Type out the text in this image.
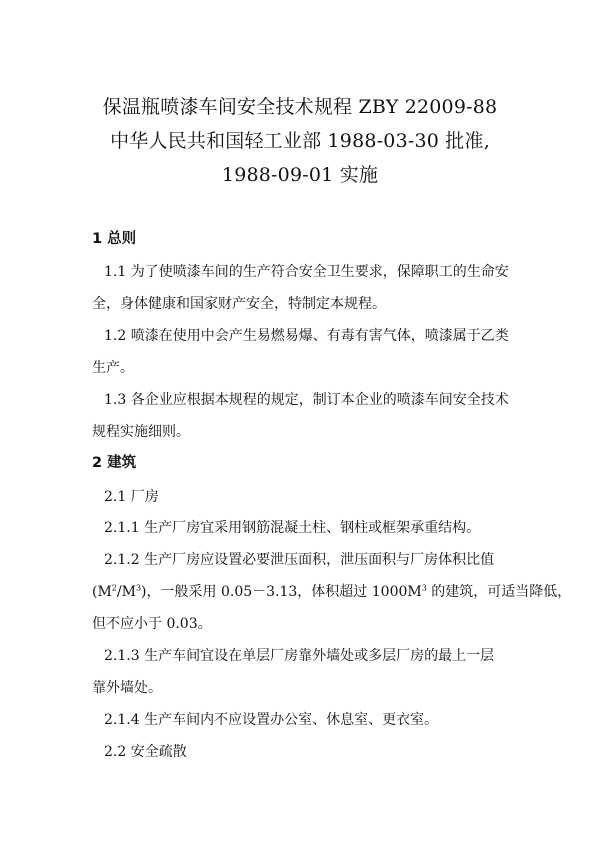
保温瓶喷漆车间安全技术规程 ZBY 22009-88
中华人民共和国轻工业部 1988-03-30 批准,
1988-09-01 实施
1 总则
1.1 为了使喷漆车间的生产符合安全卫生要求，保障职工的生命安
全，身体健康和国家财产安全，特制定本规程。
1.2 喷漆在使用中会产生易燃易爆、有毒有害气体，喷漆属于乙类
生产。
1.3 各企业应根据本规程的规定，制订本企业的喷漆车间安全技术
规程实施细则。
2 建筑
2.1 厂房
2.1.1 生产厂房宜采用钢筋混凝土柱、钢柱或框架承重结构。
2.1.2 生产厂房应设置必要泄压面积，泄压面积与厂房体积比值
$(M^2/M^3)$，一般采用 0.05－3.13，体积超过 $1000M^3$ 的建筑，可适当降低，
但不应小于 0.03。
2.1.3 生产车间宜设在单层厂房靠外墙处或多层厂房的最上一层
靠外墙处。
2.1.4 生产车间内不应设置办公室、休息室、更衣室。
2.2 安全疏散
